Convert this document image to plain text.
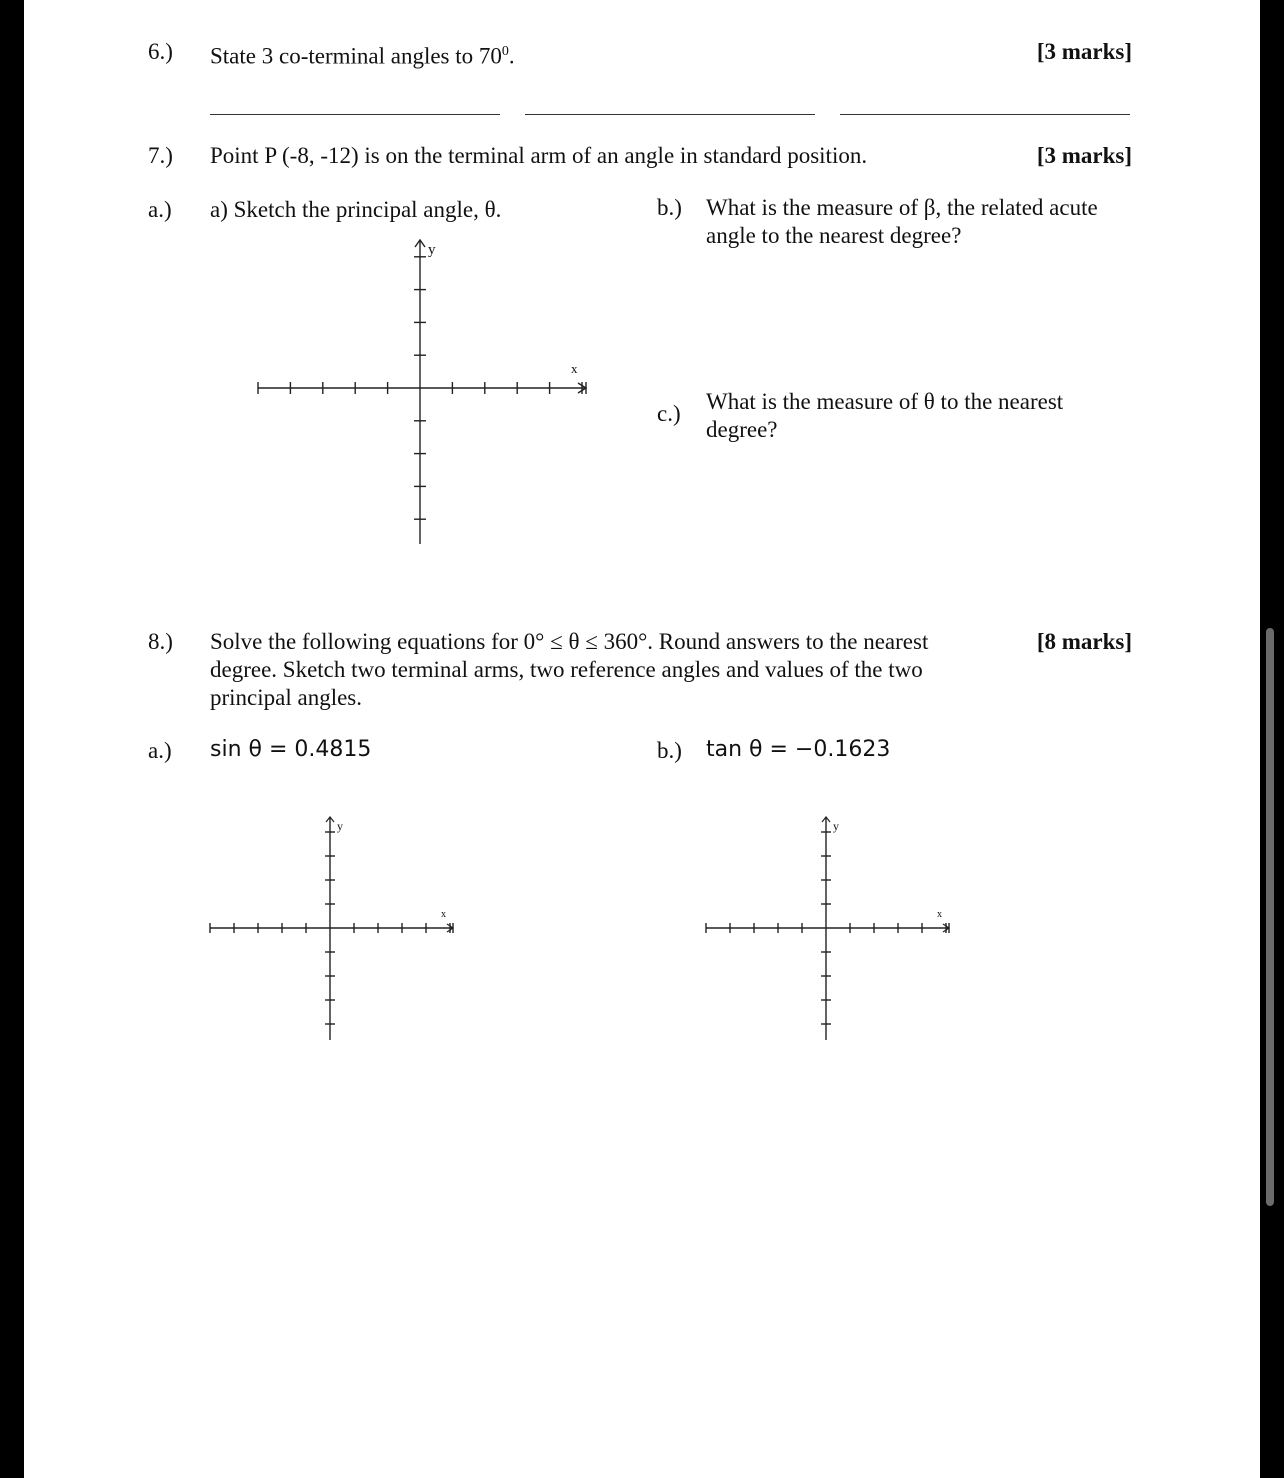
6.) State 3 co-terminal angles to $70^0$.	[3 marks]
7.) Point P (-8, -12) is on the terminal arm of an angle in standard position.	[3 marks]
a.) a) Sketch the principal angle, θ.	b.) What is the measure of β, the related acute
angle to the nearest degree?
c.) What is the measure of θ to the nearest
degree?
y
x
8.) Solve the following equations for 0° ≤ θ ≤ 360°. Round answers to the nearest
degree. Sketch two terminal arms, two reference angles and values of the two
principal angles.
[8 marks]
a.) sin θ = 0.4815	b.) tan θ = −0.1623
y
x
y
x
